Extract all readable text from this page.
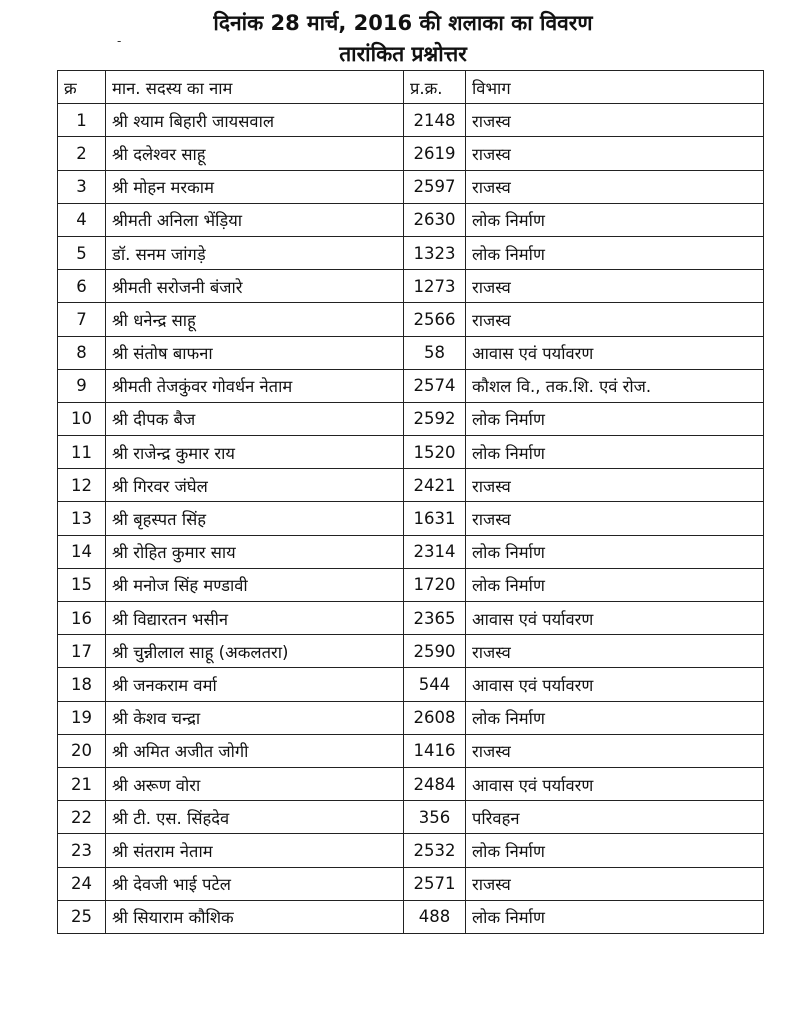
दिनांक 28 मार्च, 2016 की शलाका का विवरण
तारांकित प्रश्नोत्तर
-
क्र	मान. सदस्य का नाम	प्र.क्र.	विभाग
1	श्री श्याम बिहारी जायसवाल	2148	राजस्व
2	श्री दलेश्वर साहू	2619	राजस्व
3	श्री मोहन मरकाम	2597	राजस्व
4	श्रीमती अनिला भेंड़िया	2630	लोक निर्माण
5	डॉ. सनम जांगड़े	1323	लोक निर्माण
6	श्रीमती सरोजनी बंजारे	1273	राजस्व
7	श्री धनेन्द्र साहू	2566	राजस्व
8	श्री संतोष बाफना	58	आवास एवं पर्यावरण
9	श्रीमती तेजकुंवर गोवर्धन नेताम	2574	कौशल वि., तक.शि. एवं रोज.
10	श्री दीपक बैज	2592	लोक निर्माण
11	श्री राजेन्द्र कुमार राय	1520	लोक निर्माण
12	श्री गिरवर जंघेल	2421	राजस्व
13	श्री बृहस्पत सिंह	1631	राजस्व
14	श्री रोहित कुमार साय	2314	लोक निर्माण
15	श्री मनोज सिंह मण्डावी	1720	लोक निर्माण
16	श्री विद्यारतन भसीन	2365	आवास एवं पर्यावरण
17	श्री चुन्नीलाल साहू (अकलतरा)	2590	राजस्व
18	श्री जनकराम वर्मा	544	आवास एवं पर्यावरण
19	श्री केशव चन्द्रा	2608	लोक निर्माण
20	श्री अमित अजीत जोगी	1416	राजस्व
21	श्री अरूण वोरा	2484	आवास एवं पर्यावरण
22	श्री टी. एस. सिंहदेव	356	परिवहन
23	श्री संतराम नेताम	2532	लोक निर्माण
24	श्री देवजी भाई पटेल	2571	राजस्व
25	श्री सियाराम कौशिक	488	लोक निर्माण
